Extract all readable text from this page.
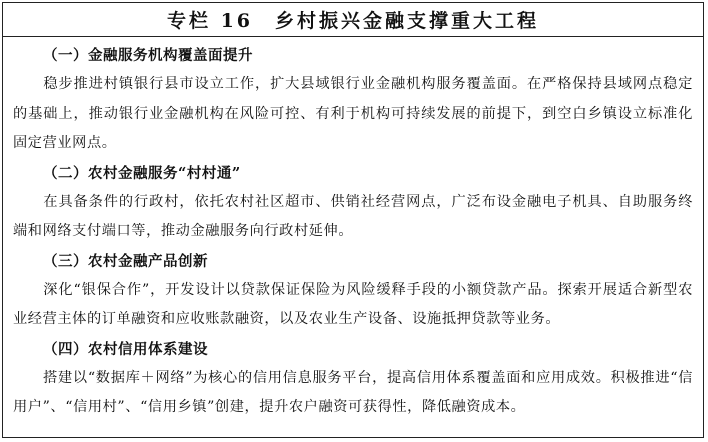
专栏 16　乡村振兴金融支撑重大工程
（一）金融服务机构覆盖面提升

稳步推进村镇银行县市设立工作，扩大县域银行业金融机构服务覆盖面。在严格保持县域网点稳定的基础上，推动银行业金融机构在风险可控、有利于机构可持续发展的前提下，到空白乡镇设立标准化固定营业网点。

（二）农村金融服务“村村通”

在具备条件的行政村，依托农村社区超市、供销社经营网点，广泛布设金融电子机具、自助服务终端和网络支付端口等，推动金融服务向行政村延伸。

（三）农村金融产品创新

深化“银保合作”，开发设计以贷款保证保险为风险缓释手段的小额贷款产品。探索开展适合新型农业经营主体的订单融资和应收账款融资，以及农业生产设备、设施抵押贷款等业务。

（四）农村信用体系建设

搭建以“数据库＋网络”为核心的信用信息服务平台，提高信用体系覆盖面和应用成效。积极推进“信用户”、“信用村”、“信用乡镇”创建，提升农户融资可获得性，降低融资成本。
